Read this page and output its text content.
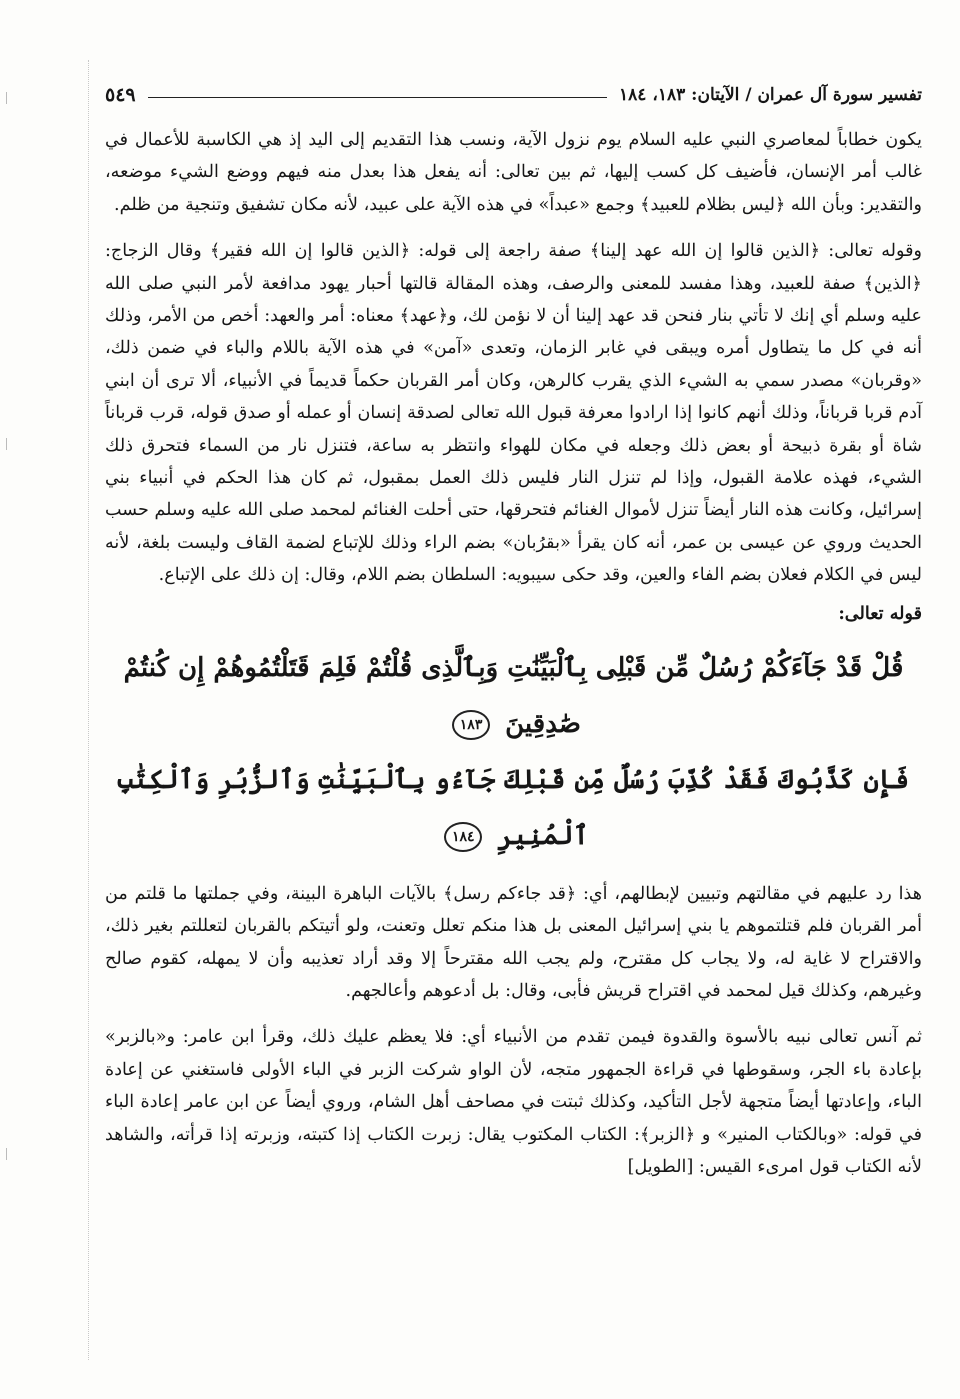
تفسير سورة آل عمران / الآيتان: ١٨٣، ١٨٤
٥٤٩

يكون خطاباً لمعاصري النبي عليه السلام يوم نزول الآية، ونسب هذا التقديم إلى اليد إذ هي الكاسبة للأعمال في غالب أمر الإنسان، فأضيف كل كسب إليها، ثم بين تعالى: أنه يفعل هذا بعدل منه فيهم ووضع الشيء موضعه، والتقدير: وبأن الله ﴿ليس بظلام للعبيد﴾ وجمع «عبداً» في هذه الآية على عبيد، لأنه مكان تشفيق وتنجية من ظلم.

وقوله تعالى: ﴿الذين قالوا إن الله عهد إلينا﴾ صفة راجعة إلى قوله: ﴿الذين قالوا إن الله فقير﴾ وقال الزجاج: ﴿الذين﴾ صفة للعبيد، وهذا مفسد للمعنى والرصف، وهذه المقالة قالتها أحبار يهود مدافعة لأمر النبي صلى الله عليه وسلم أي إنك لا تأتي بنار فنحن قد عهد إلينا أن لا نؤمن لك، و﴿عهد﴾ معناه: أمر والعهد: أخص من الأمر، وذلك أنه في كل ما يتطاول أمره ويبقى في غابر الزمان، وتعدى «آمن» في هذه الآية باللام والباء في ضمن ذلك، «وقربان» مصدر سمي به الشيء الذي يقرب كالرهن، وكان أمر القربان حكماً قديماً في الأنبياء، ألا ترى أن ابني آدم قربا قرباناً، وذلك أنهم كانوا إذا ارادوا معرفة قبول الله تعالى لصدقة إنسان أو عمله أو صدق قوله، قرب قرباناً شاة أو بقرة ذبيحة أو بعض ذلك وجعله في مكان للهواء وانتظر به ساعة، فتنزل نار من السماء فتحرق ذلك الشيء، فهذه علامة القبول، وإذا لم تنزل النار فليس ذلك العمل بمقبول، ثم كان هذا الحكم في أنبياء بني إسرائيل، وكانت هذه النار أيضاً تنزل لأموال الغنائم فتحرقها، حتى أحلت الغنائم لمحمد صلى الله عليه وسلم حسب الحديث وروي عن عيسى بن عمر، أنه كان يقرأ «بقرُبان» بضم الراء وذلك للإتباع لضمة القاف وليست بلغة، لأنه ليس في الكلام فعلان بضم الفاء والعين، وقد حكى سيبويه: السلطان بضم اللام، وقال: إن ذلك على الإتباع.

قوله تعالى:

قُلْ قَدْ جَآءَكُمْ رُسُلٌ مِّن قَبْلِى بِٱلْبَيِّنَٰتِ وَبِٱلَّذِى قُلْتُمْ فَلِمَ قَتَلْتُمُوهُمْ إِن كُنتُمْ صَٰدِقِينَ ١٨٣
فَإِن كَذَّبُوكَ فَقَدْ كُذِّبَ رُسُلٌ مِّن قَبْلِكَ جَآءُو بِٱلْبَيِّنَٰتِ وَٱلزُّبُرِ وَٱلْكِتَٰبِ ٱلْمُنِيرِ ١٨٤

هذا رد عليهم في مقالتهم وتبيين لإبطالهم، أي: ﴿قد جاءكم رسل﴾ بالآيات الباهرة البينة، وفي جملتها ما قلتم من أمر القربان فلم قتلتموهم يا بني إسرائيل المعنى بل هذا منكم تعلل وتعنت، ولو أتيتكم بالقربان لتعللتم بغير ذلك، والاقتراح لا غاية له، ولا يجاب كل مقترح، ولم يجب الله مقترحاً إلا وقد أراد تعذيبه وأن لا يمهله، كقوم صالح وغيرهم، وكذلك قيل لمحمد في اقتراح قريش فأبى، وقال: بل أدعوهم وأعالجهم.

ثم آنس تعالى نبيه بالأسوة والقدوة فيمن تقدم من الأنبياء أي: فلا يعظم عليك ذلك، وقرأ ابن عامر: و«بالزبر» بإعادة باء الجر، وسقوطها في قراءة الجمهور متجه، لأن الواو شركت الزبر في الباء الأولى فاستغني عن إعادة الباء، وإعادتها أيضاً متجهة لأجل التأكيد، وكذلك ثبتت في مصاحف أهل الشام، وروي أيضاً عن ابن عامر إعادة الباء في قوله: «وبالكتاب المنير» و ﴿الزبر﴾: الكتاب المكتوب يقال: زبرت الكتاب إذا كتبته، وزبرته إذا قرأته، والشاهد لأنه الكتاب قول امرىء القيس: [الطويل]
